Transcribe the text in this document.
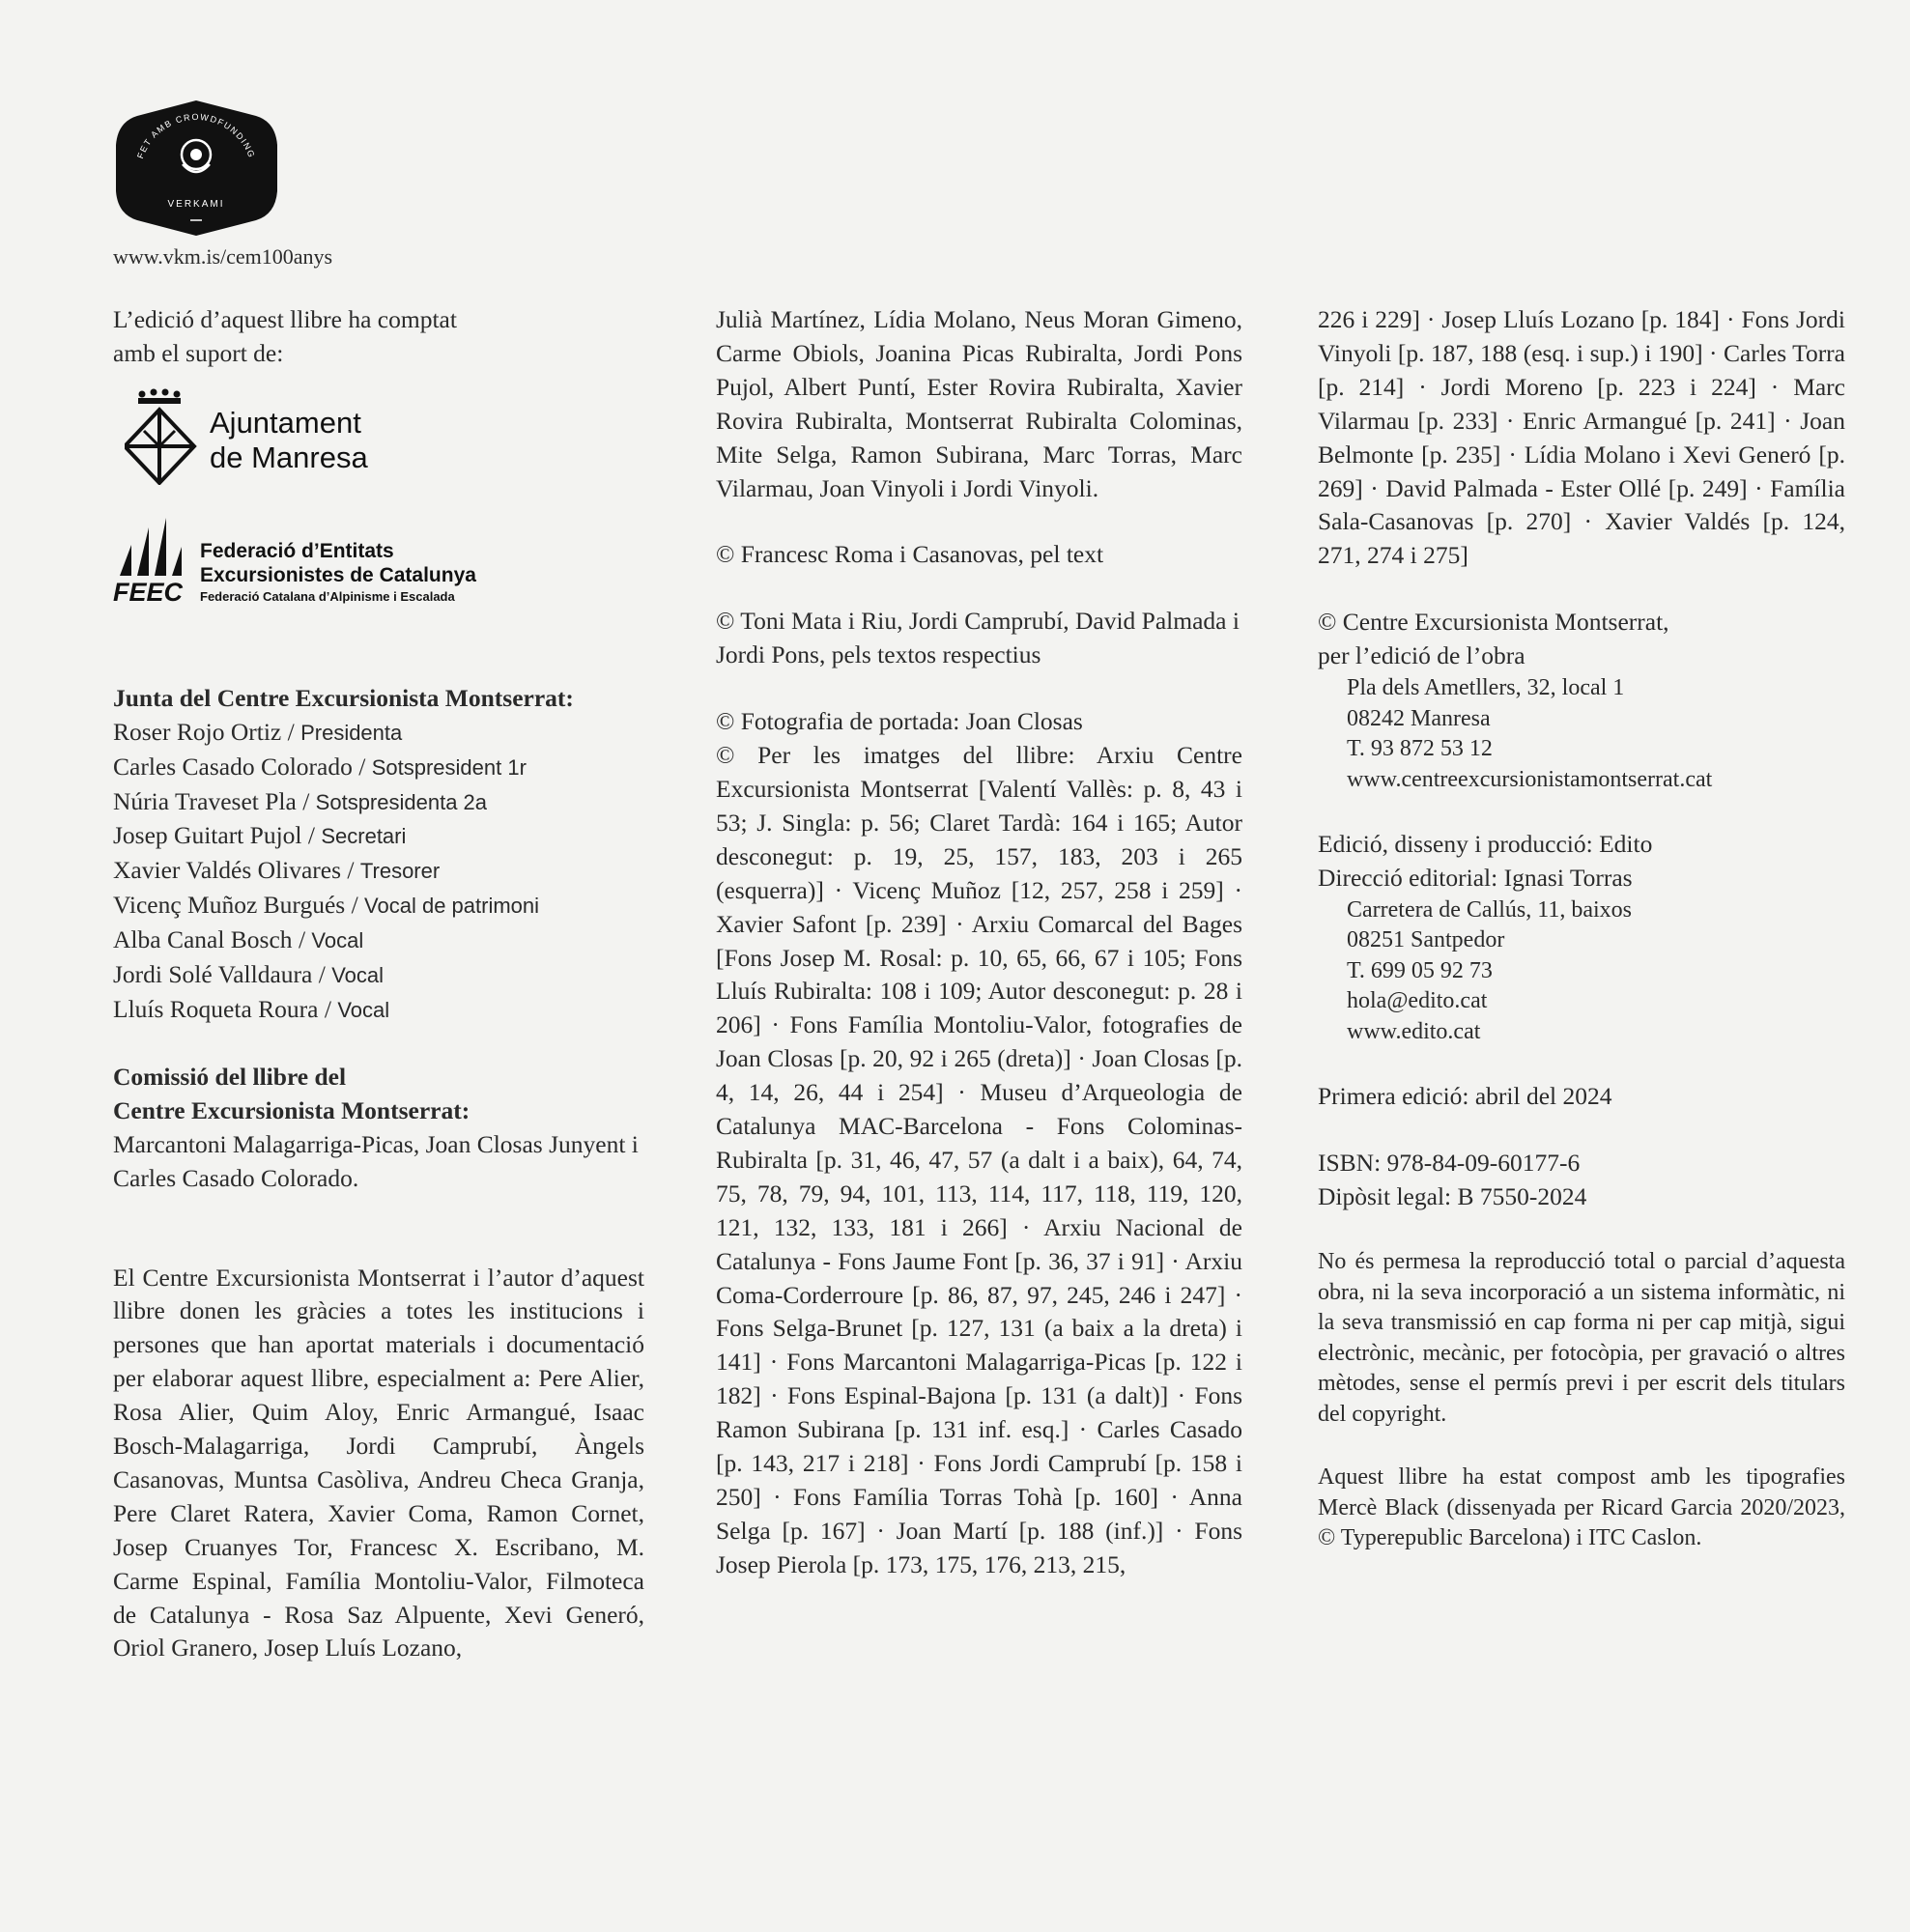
FET AMB CROWDFUNDING
VERKAMI
www.vkm.is/cem100anys

L’edició d’aquest llibre ha comptat
amb el suport de:

Ajuntament
de Manresa
FEEC
Federació d’Entitats
Excursionistes de Catalunya
Federació Catalana d’Alpinisme i Escalada

Junta del Centre Excursionista Montserrat:

Roser Rojo Ortiz / Presidenta

Carles Casado Colorado / Sotspresident 1r

Núria Traveset Pla / Sotspresidenta 2a

Josep Guitart Pujol / Secretari

Xavier Valdés Olivares / Tresorer

Vicenç Muñoz Burgués / Vocal de patrimoni

Alba Canal Bosch / Vocal

Jordi Solé Valldaura / Vocal

Lluís Roqueta Roura / Vocal

Comissió del llibre del
Centre Excursionista Montserrat:

Marcantoni Malagarriga-Picas, Joan Closas Junyent i Carles Casado Colorado.

El Centre Excursionista Montserrat i l’autor d’aquest llibre donen les gràcies a totes les institucions i persones que han aportat materials i documentació per elaborar aquest llibre, especialment a: Pere Alier, Rosa Alier, Quim Aloy, Enric Armangué, Isaac Bosch-Malagarriga, Jordi Camprubí, Àngels Casanovas, Muntsa Casòliva, Andreu Checa Granja, Pere Claret Ratera, Xavier Coma, Ramon Cornet, Josep Cruanyes Tor, Francesc X. Escribano, M. Carme Espinal, Família Montoliu-Valor, Filmoteca de Catalunya - Rosa Saz Alpuente, Xevi Generó, Oriol Granero, Josep Lluís Lozano,

Julià Martínez, Lídia Molano, Neus Moran Gimeno, Carme Obiols, Joanina Picas Rubiralta, Jordi Pons Pujol, Albert Puntí, Ester Rovira Rubiralta, Xavier Rovira Rubiralta, Montserrat Rubiralta Colominas, Mite Selga, Ramon Subirana, Marc Torras, Marc Vilarmau, Joan Vinyoli i Jordi Vinyoli.

© Francesc Roma i Casanovas, pel text

© Toni Mata i Riu, Jordi Camprubí, David Palmada i Jordi Pons, pels textos respectius

© Fotografia de portada: Joan Closas

© Per les imatges del llibre: Arxiu Centre Excursionista Montserrat [Valentí Vallès: p. 8, 43 i 53; J. Singla: p. 56; Claret Tardà: 164 i 165; Autor desconegut: p. 19, 25, 157, 183, 203 i 265 (esquerra)] · Vicenç Muñoz [12, 257, 258 i 259] · Xavier Safont [p. 239] · Arxiu Comarcal del Bages [Fons Josep M. Rosal: p. 10, 65, 66, 67 i 105; Fons Lluís Rubiralta: 108 i 109; Autor desconegut: p. 28 i 206] · Fons Família Montoliu-Valor, fotografies de Joan Closas [p. 20, 92 i 265 (dreta)] · Joan Closas [p. 4, 14, 26, 44 i 254] · Museu d’Arqueologia de Catalunya MAC-Barcelona - Fons Colominas-Rubiralta [p. 31, 46, 47, 57 (a dalt i a baix), 64, 74, 75, 78, 79, 94, 101, 113, 114, 117, 118, 119, 120, 121, 132, 133, 181 i 266] · Arxiu Nacional de Catalunya - Fons Jaume Font [p. 36, 37 i 91] · Arxiu Coma-Corderroure [p. 86, 87, 97, 245, 246 i 247] · Fons Selga-Brunet [p. 127, 131 (a baix a la dreta) i 141] · Fons Marcantoni Malagarriga-Picas [p. 122 i 182] · Fons Espinal-Bajona [p. 131 (a dalt)] · Fons Ramon Subirana [p. 131 inf. esq.] · Carles Casado [p. 143, 217 i 218] · Fons Jordi Camprubí [p. 158 i 250] · Fons Família Torras Tohà [p. 160] · Anna Selga [p. 167] · Joan Martí [p. 188 (inf.)] · Fons Josep Pierola [p. 173, 175, 176, 213, 215,

226 i 229] · Josep Lluís Lozano [p. 184] · Fons Jordi Vinyoli [p. 187, 188 (esq. i sup.) i 190] · Carles Torra [p. 214] · Jordi Moreno [p. 223 i 224] · Marc Vilarmau [p. 233] · Enric Armangué [p. 241] · Joan Belmonte [p. 235] · Lídia Molano i Xevi Generó [p. 269] · David Palmada - Ester Ollé [p. 249] · Família Sala-Casanovas [p. 270] · Xavier Valdés [p. 124, 271, 274 i 275]

© Centre Excursionista Montserrat,
per l’edició de l’obra

Pla dels Ametllers, 32, local 1

08242 Manresa

T. 93 872 53 12

www.centreexcursionistamontserrat.cat

Edició, disseny i producció: Edito

Direcció editorial: Ignasi Torras

Carretera de Callús, 11, baixos

08251 Santpedor

T. 699 05 92 73

hola@edito.cat

www.edito.cat

Primera edició: abril del 2024

ISBN: 978-84-09-60177-6

Dipòsit legal: B 7550-2024

No és permesa la reproducció total o parcial d’aquesta obra, ni la seva incorporació a un sistema informàtic, ni la seva transmissió en cap forma ni per cap mitjà, sigui electrònic, mecànic, per fotocòpia, per gravació o altres mètodes, sense el permís previ i per escrit dels titulars del copyright.

Aquest llibre ha estat compost amb les tipografies Mercè Black (dissenyada per Ricard Garcia 2020/2023, © Typerepublic Barcelona) i ITC Caslon.
